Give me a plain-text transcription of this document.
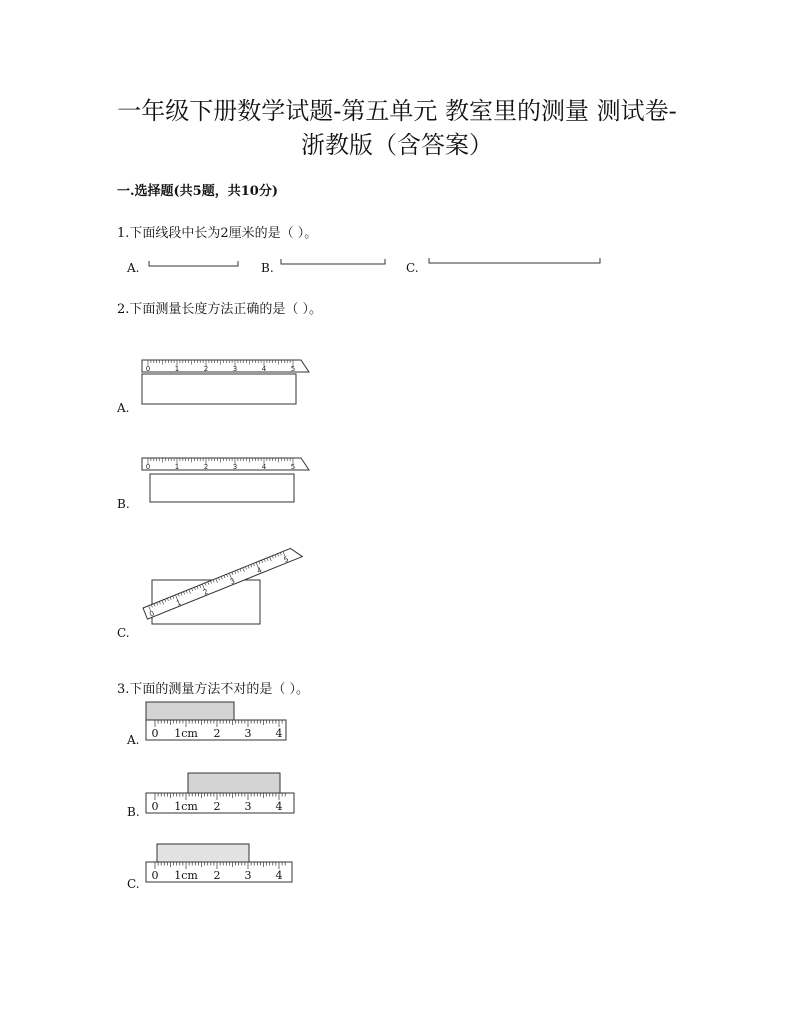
一年级下册数学试题-第五单元 教室里的测量 测试卷-
浙教版（含答案）
一.选择题(共5题，共10分)
1.下面线段中长为2厘米的是（ ）。
A.	B.	C.
2.下面测量长度方法正确的是（ ）。
A.
B.
C.
0	1	2	3	4	5
0	1	2	3	4	5
0
1
2
3
4
5
3.下面的测量方法不对的是（ ）。
A.
B.
C.
0 1cm 2 3 4
0 1cm 2 3 4
0 1cm 2 3 4
